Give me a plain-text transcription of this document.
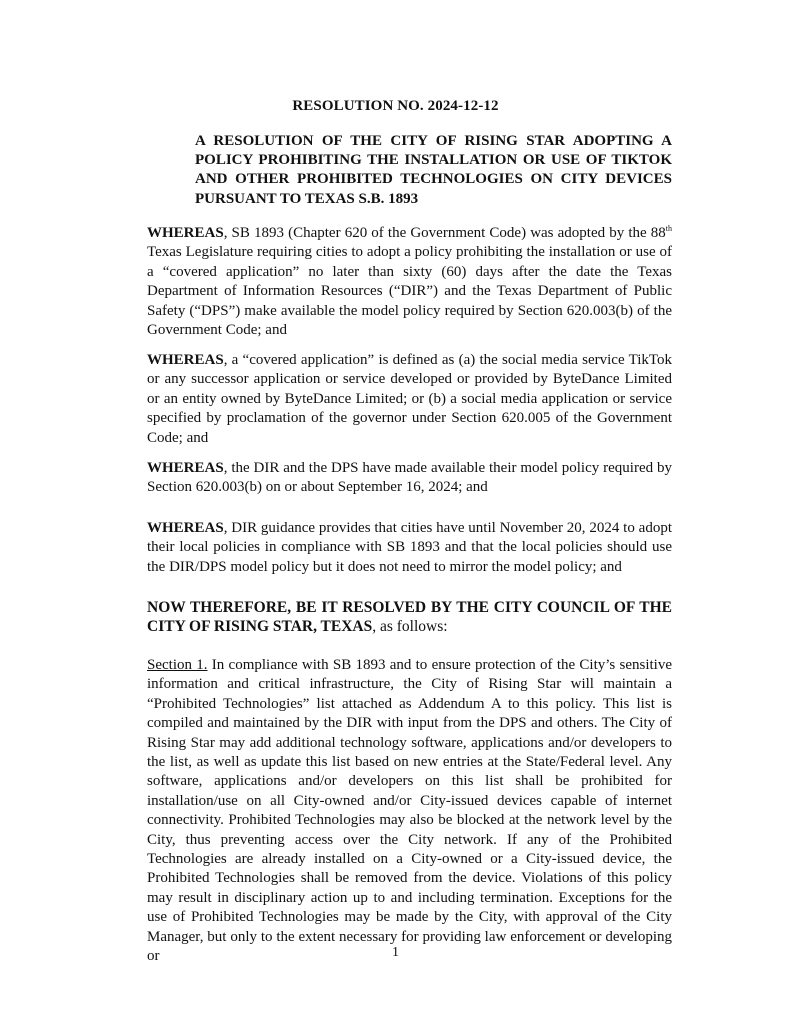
RESOLUTION NO. 2024-12-12

A RESOLUTION OF THE CITY OF RISING STAR ADOPTING A POLICY PROHIBITING THE INSTALLATION OR USE OF TIKTOK AND OTHER PROHIBITED TECHNOLOGIES ON CITY DEVICES PURSUANT TO TEXAS S.B. 1893

WHEREAS, SB 1893 (Chapter 620 of the Government Code) was adopted by the 88th Texas Legislature requiring cities to adopt a policy prohibiting the installation or use of a “covered application” no later than sixty (60) days after the date the Texas Department of Information Resources (“DIR”) and the Texas Department of Public Safety (“DPS”) make available the model policy required by Section 620.003(b) of the Government Code; and

WHEREAS, a “covered application” is defined as (a) the social media service TikTok or any successor application or service developed or provided by ByteDance Limited or an entity owned by ByteDance Limited; or (b) a social media application or service specified by proclamation of the governor under Section 620.005 of the Government Code; and

WHEREAS, the DIR and the DPS have made available their model policy required by Section 620.003(b) on or about September 16, 2024; and

WHEREAS, DIR guidance provides that cities have until November 20, 2024 to adopt their local policies in compliance with SB 1893 and that the local policies should use the DIR/DPS model policy but it does not need to mirror the model policy; and

NOW THEREFORE, BE IT RESOLVED BY THE CITY COUNCIL OF THE CITY OF RISING STAR, TEXAS, as follows:

Section 1. In compliance with SB 1893 and to ensure protection of the City’s sensitive information and critical infrastructure, the City of Rising Star will maintain a “Prohibited Technologies” list attached as Addendum A to this policy. This list is compiled and maintained by the DIR with input from the DPS and others. The City of Rising Star may add additional technology software, applications and/or developers to the list, as well as update this list based on new entries at the State/Federal level. Any software, applications and/or developers on this list shall be prohibited for installation/use on all City-owned and/or City-issued devices capable of internet connectivity. Prohibited Technologies may also be blocked at the network level by the City, thus preventing access over the City network. If any of the Prohibited Technologies are already installed on a City-owned or a City-issued device, the Prohibited Technologies shall be removed from the device. Violations of this policy may result in disciplinary action up to and including termination. Exceptions for the use of Prohibited Technologies may be made by the City, with approval of the City Manager, but only to the extent necessary for providing law enforcement or developing or	1
